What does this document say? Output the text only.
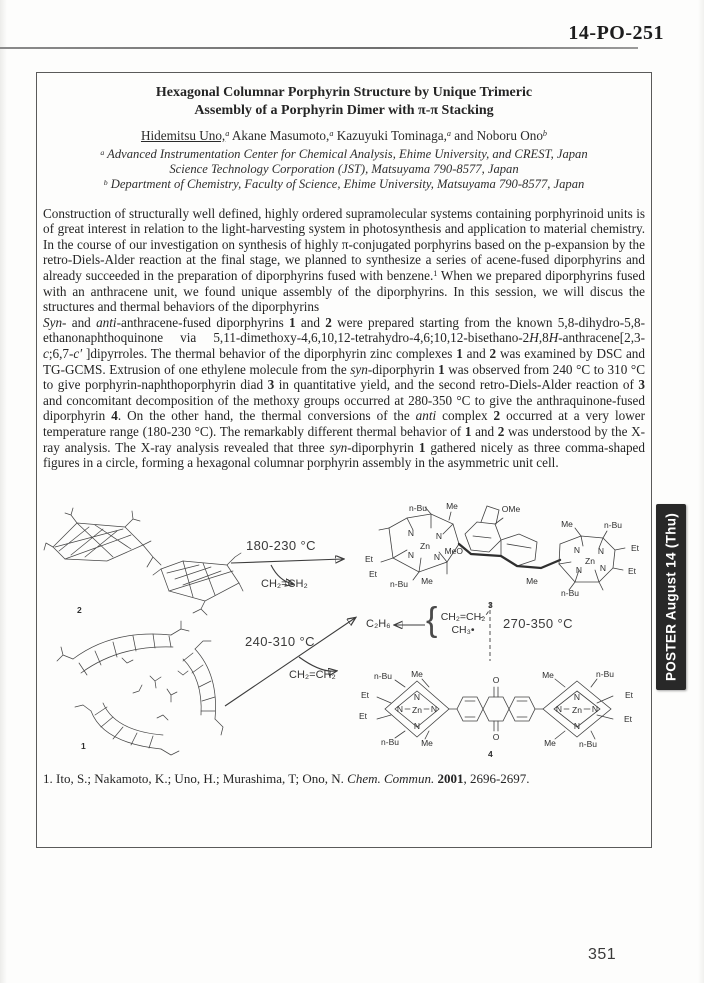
14-PO-251
Hexagonal Columnar Porphyrin Structure by Unique Trimeric
Assembly of a Porphyrin Dimer with π-π Stacking
Hidemitsu Uno,$^a$ Akane Masumoto,$^a$ Kazuyuki Tominaga,$^a$ and Noboru Ono$^b$
$^a$ Advanced Instrumentation Center for Chemical Analysis, Ehime University, and CREST, Japan
Science Technology Corporation (JST), Matsuyama 790-8577, Japan
$^b$ Department of Chemistry, Faculty of Science, Ehime University, Matsuyama 790-8577, Japan

Construction of structurally well defined, highly ordered supramolecular systems containing porphyrinoid units is of great interest in relation to the light-harvesting system in photosynthesis and application to material chemistry. In the course of our investigation on synthesis of highly π-conjugated porphyrins based on the p-expansion by the retro-Diels-Alder reaction at the final stage, we planned to synthesize a series of acene-fused diporphyrins and already succeeded in the preparation of diporphyrins fused with benzene.$^1$ When we prepared diporphyrins fused with an anthracene unit, we found unique assembly of the diporphyrins. In this session, we will discus the structures and thermal behaviors of the diporphyrins

Syn- and anti-anthracene-fused diporphyrins 1 and 2 were prepared starting from the known 5,8-dihydro-5,8-ethanonaphthoquinone via 5,11-dimethoxy-4,6,10,12-tetrahydro-4,6;10,12-bisethano-2H,8H-anthracene[2,3-c;6,7-c′ ]dipyrroles. The thermal behavior of the diporphyrin zinc complexes 1 and 2 was examined by DSC and TG-GCMS. Extrusion of one ethylene molecule from the syn-diporphyrin 1 was observed from 240 °C to 310 °C to give porphyrin-naphthoporphyrin diad 3 in quantitative yield, and the second retro-Diels-Alder reaction of 3 and concomitant decomposition of the methoxy groups occurred at 280-350 °C to give the anthraquinone-fused diporphyrin 4. On the other hand, the thermal conversions of the anti complex 2 occurred at a very lower temperature range (180-230 °C). The remarkably different thermal behavior of 1 and 2 was understood by the X-ray analysis. The X-ray analysis revealed that three syn-diporphyrin 1 gathered nicely as three comma-shaped figures in a circle, forming a hexagonal columnar porphyrin assembly in the asymmetric unit cell.

2
1
180-230 °C
CH₂=CH₂
240-310 °C
CH₂=CH₂
C₂H₆ { CH₂=CH₂
CH₃•	270-350 °C
N	N
N N
Zn
n-Bu Me
Et
Et
n-Bu Me
OMe
MeO
Me	n-Bu
Et
Et
Me
n-Bu
N N
N N
Zn
3
N
N	N
N
Zn
n-Bu Me
Et
Et
n-Bu	Me
O
O
N
N	N
N
Zn
Me	n-Bu
Et
Et
Me	n-Bu
4
1. Ito, S.; Nakamoto, K.; Uno, H.; Murashima, T; Ono, N. Chem. Commun. 2001, 2696-2697.
POSTER August 14 (Thu)
351
